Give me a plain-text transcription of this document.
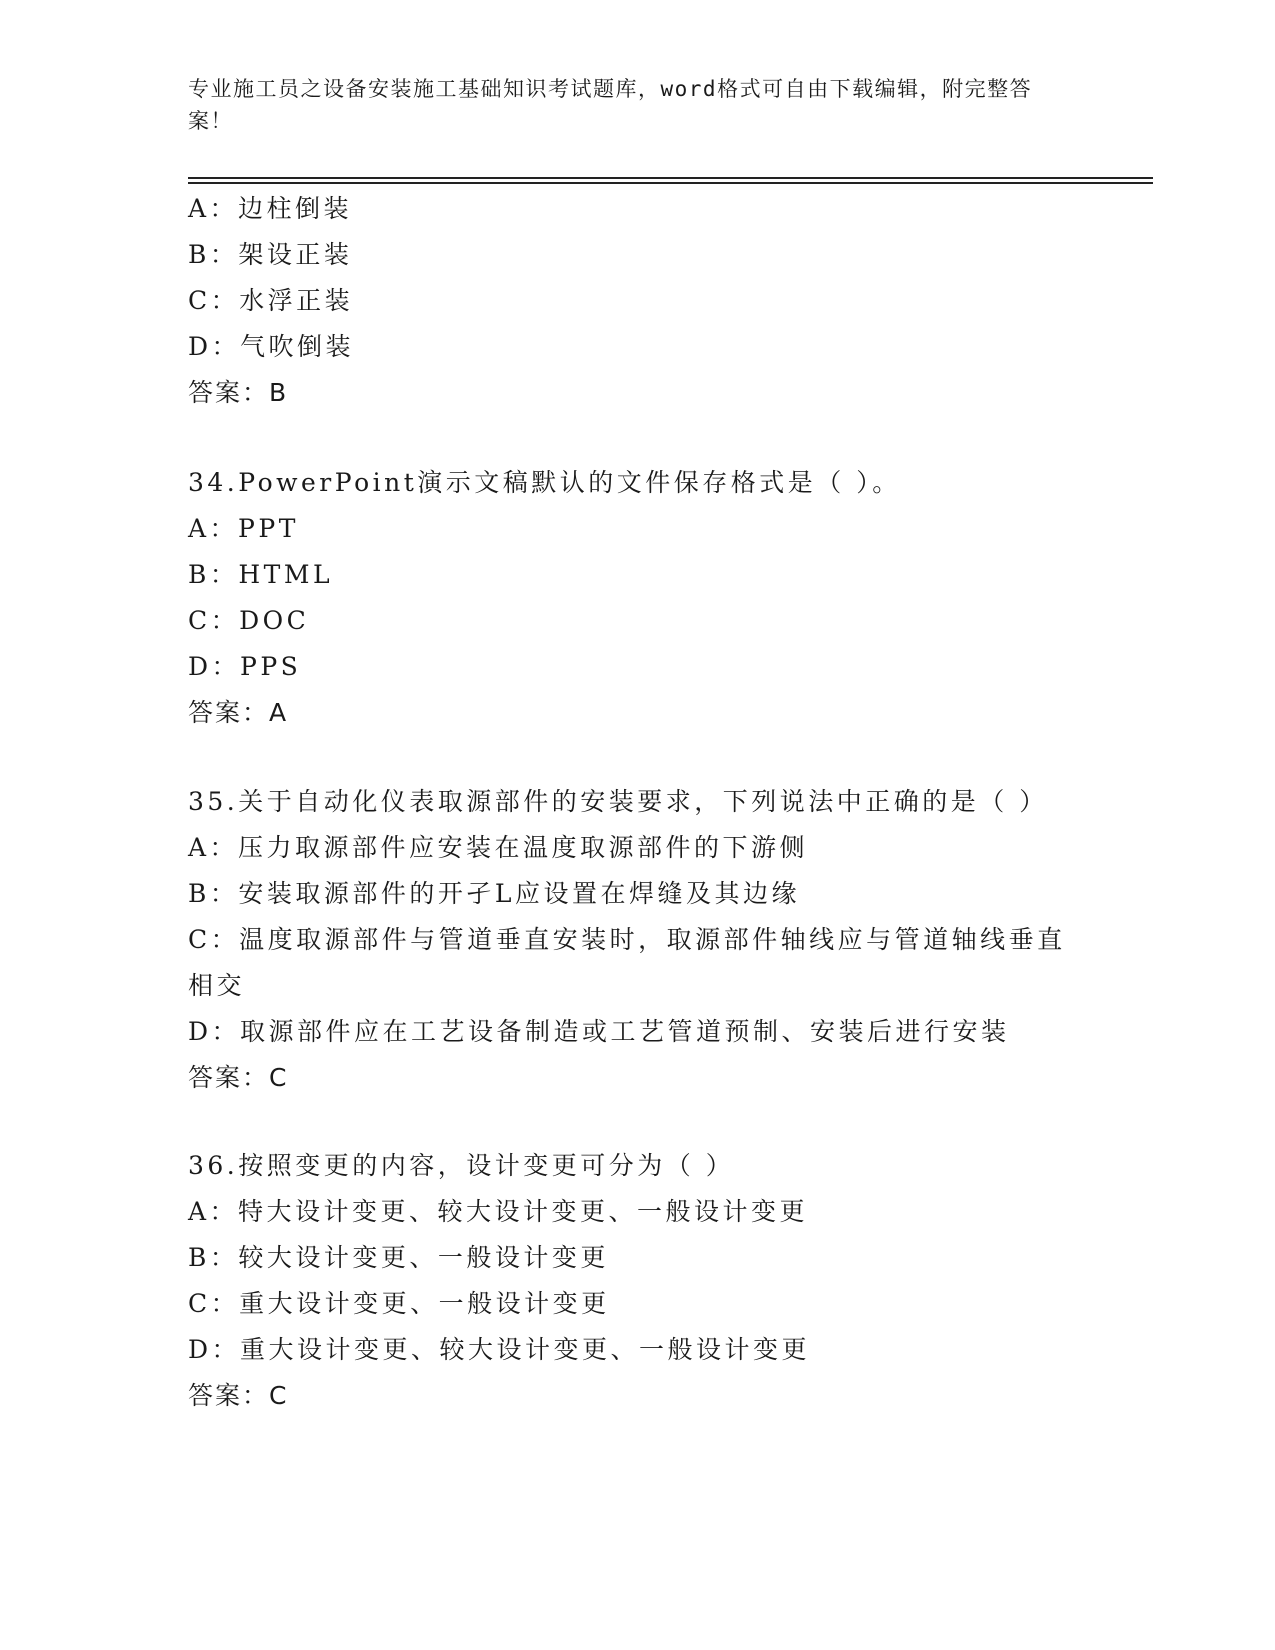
专业施工员之设备安装施工基础知识考试题库，word格式可自由下载编辑，附完整答案！
A：边柱倒装
B：架设正装
C：水浮正装
D：气吹倒装
答案：B
34.PowerPoint演示文稿默认的文件保存格式是（ ）。
A：PPT
B：HTML
C：DOC
D：PPS
答案：A
35.关于自动化仪表取源部件的安装要求，下列说法中正确的是（ ）
A：压力取源部件应安装在温度取源部件的下游侧
B：安装取源部件的开孑L应设置在焊缝及其边缘
C：温度取源部件与管道垂直安装时，取源部件轴线应与管道轴线垂直相交
D：取源部件应在工艺设备制造或工艺管道预制、安装后进行安装
答案：C
36.按照变更的内容，设计变更可分为（ ）
A：特大设计变更、较大设计变更、一般设计变更
B：较大设计变更、一般设计变更
C：重大设计变更、一般设计变更
D：重大设计变更、较大设计变更、一般设计变更
答案：C
